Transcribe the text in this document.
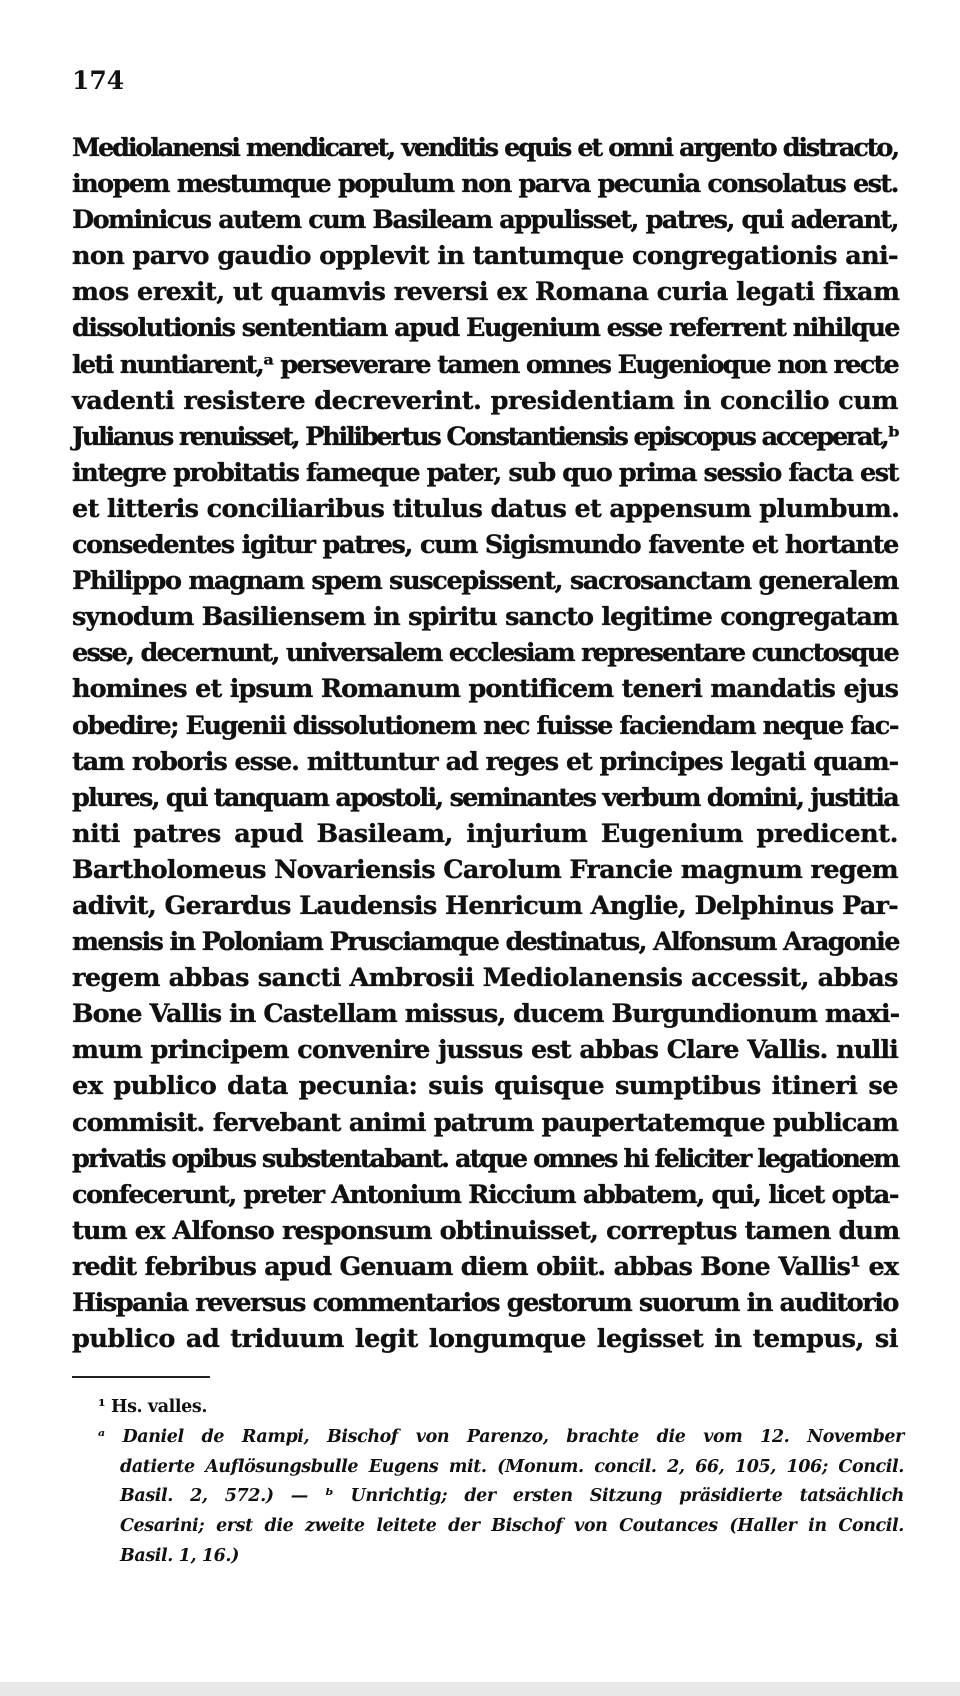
174
Mediolanensi mendicaret, venditis equis et omni argento distracto,
inopem mestumque populum non parva pecunia consolatus est.
Dominicus autem cum Basileam appulisset, patres, qui aderant,
non parvo gaudio opplevit in tantumque congregationis ani-
mos erexit, ut quamvis reversi ex Romana curia legati fixam
dissolutionis sententiam apud Eugenium esse referrent nihilque
leti nuntiarent,ᵃ perseverare tamen omnes Eugenioque non recte
vadenti resistere decreverint. presidentiam in concilio cum
Julianus renuisset, Philibertus Constantiensis episcopus acceperat,ᵇ
integre probitatis fameque pater, sub quo prima sessio facta est
et litteris conciliaribus titulus datus et appensum plumbum.
consedentes igitur patres, cum Sigismundo favente et hortante
Philippo magnam spem suscepissent, sacrosanctam generalem
synodum Basiliensem in spiritu sancto legitime congregatam
esse, decernunt, universalem ecclesiam representare cunctosque
homines et ipsum Romanum pontificem teneri mandatis ejus
obedire; Eugenii dissolutionem nec fuisse faciendam neque fac-
tam roboris esse. mittuntur ad reges et principes legati quam-
plures, qui tanquam apostoli, seminantes verbum domini, justitia
niti patres apud Basileam, injurium Eugenium predicent.
Bartholomeus Novariensis Carolum Francie magnum regem
adivit, Gerardus Laudensis Henricum Anglie, Delphinus Par-
mensis in Poloniam Prusciamque destinatus, Alfonsum Aragonie
regem abbas sancti Ambrosii Mediolanensis accessit, abbas
Bone Vallis in Castellam missus, ducem Burgundionum maxi-
mum principem convenire jussus est abbas Clare Vallis. nulli
ex publico data pecunia: suis quisque sumptibus itineri se
commisit. fervebant animi patrum paupertatemque publicam
privatis opibus substentabant. atque omnes hi feliciter legationem
confecerunt, preter Antonium Riccium abbatem, qui, licet opta-
tum ex Alfonso responsum obtinuisset, correptus tamen dum
redit febribus apud Genuam diem obiit. abbas Bone Vallis¹ ex
Hispania reversus commentarios gestorum suorum in auditorio
publico ad triduum legit longumque legisset in tempus, si
¹ Hs. valles.
ᵃ Daniel de Rampi, Bischof von Parenzo, brachte die vom 12. November
datierte Auflösungsbulle Eugens mit. (Monum. concil. 2, 66, 105, 106; Concil.
Basil. 2, 572.) — ᵇ Unrichtig; der ersten Sitzung präsidierte tatsächlich
Cesarini; erst die zweite leitete der Bischof von Coutances (Haller in Concil.
Basil. 1, 16.)
